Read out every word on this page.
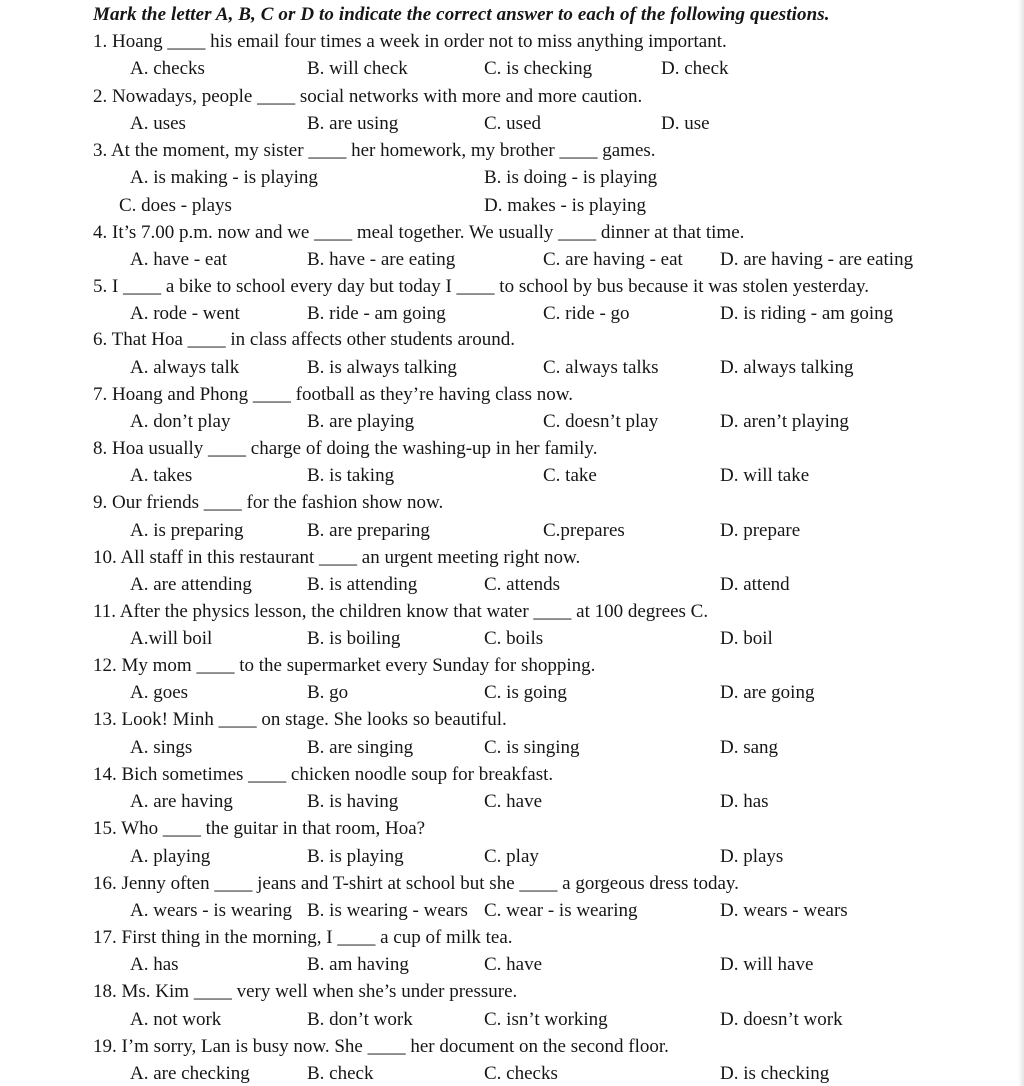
Mark the letter A, B, C or D to indicate the correct answer to each of the following questions.
1. Hoang ____ his email four times a week in order not to miss anything important.
A. checks	B. will check	C. is checking	D. check
2. Nowadays, people ____ social networks with more and more caution.
A. uses	B. are using	C. used	D. use
3. At the moment, my sister ____ her homework, my brother ____ games.
A. is making - is playing	B. is doing - is playing
C. does - plays	D. makes - is playing
4. It’s 7.00 p.m. now and we ____ meal together. We usually ____ dinner at that time.
A. have - eat	B. have - are eating	C. are having - eat D. are having - are eating
5. I ____ a bike to school every day but today I ____ to school by bus because it was stolen yesterday.
A. rode - went	B. ride - am going	C. ride - go	D. is riding - am going
6. That Hoa ____ in class affects other students around.
A. always talk	B. is always talking	C. always talks	D. always talking
7. Hoang and Phong ____ football as they’re having class now.
A. don’t play	B. are playing	C. doesn’t play	D. aren’t playing
8. Hoa usually ____ charge of doing the washing-up in her family.
A. takes	B. is taking	C. take	D. will take
9. Our friends ____ for the fashion show now.
A. is preparing	B. are preparing	C.prepares	D. prepare
10. All staff in this restaurant ____ an urgent meeting right now.
A. are attending	B. is attending	C. attends	D. attend
11. After the physics lesson, the children know that water ____ at 100 degrees C.
A.will boil	B. is boiling	C. boils	D. boil
12. My mom ____ to the supermarket every Sunday for shopping.
A. goes	B. go	C. is going	D. are going
13. Look! Minh ____ on stage. She looks so beautiful.
A. sings	B. are singing	C. is singing	D. sang
14. Bich sometimes ____ chicken noodle soup for breakfast.
A. are having	B. is having	C. have	D. has
15. Who ____ the guitar in that room, Hoa?
A. playing	B. is playing	C. play	D. plays
16. Jenny often ____ jeans and T-shirt at school but she ____ a gorgeous dress today.
A. wears - is wearing B. is wearing - wears C. wear - is wearing	D. wears - wears
17. First thing in the morning, I ____ a cup of milk tea.
A. has	B. am having	C. have	D. will have
18. Ms. Kim ____ very well when she’s under pressure.
A. not work	B. don’t work	C. isn’t working	D. doesn’t work
19. I’m sorry, Lan is busy now. She ____ her document on the second floor.
A. are checking	B. check	C. checks	D. is checking
